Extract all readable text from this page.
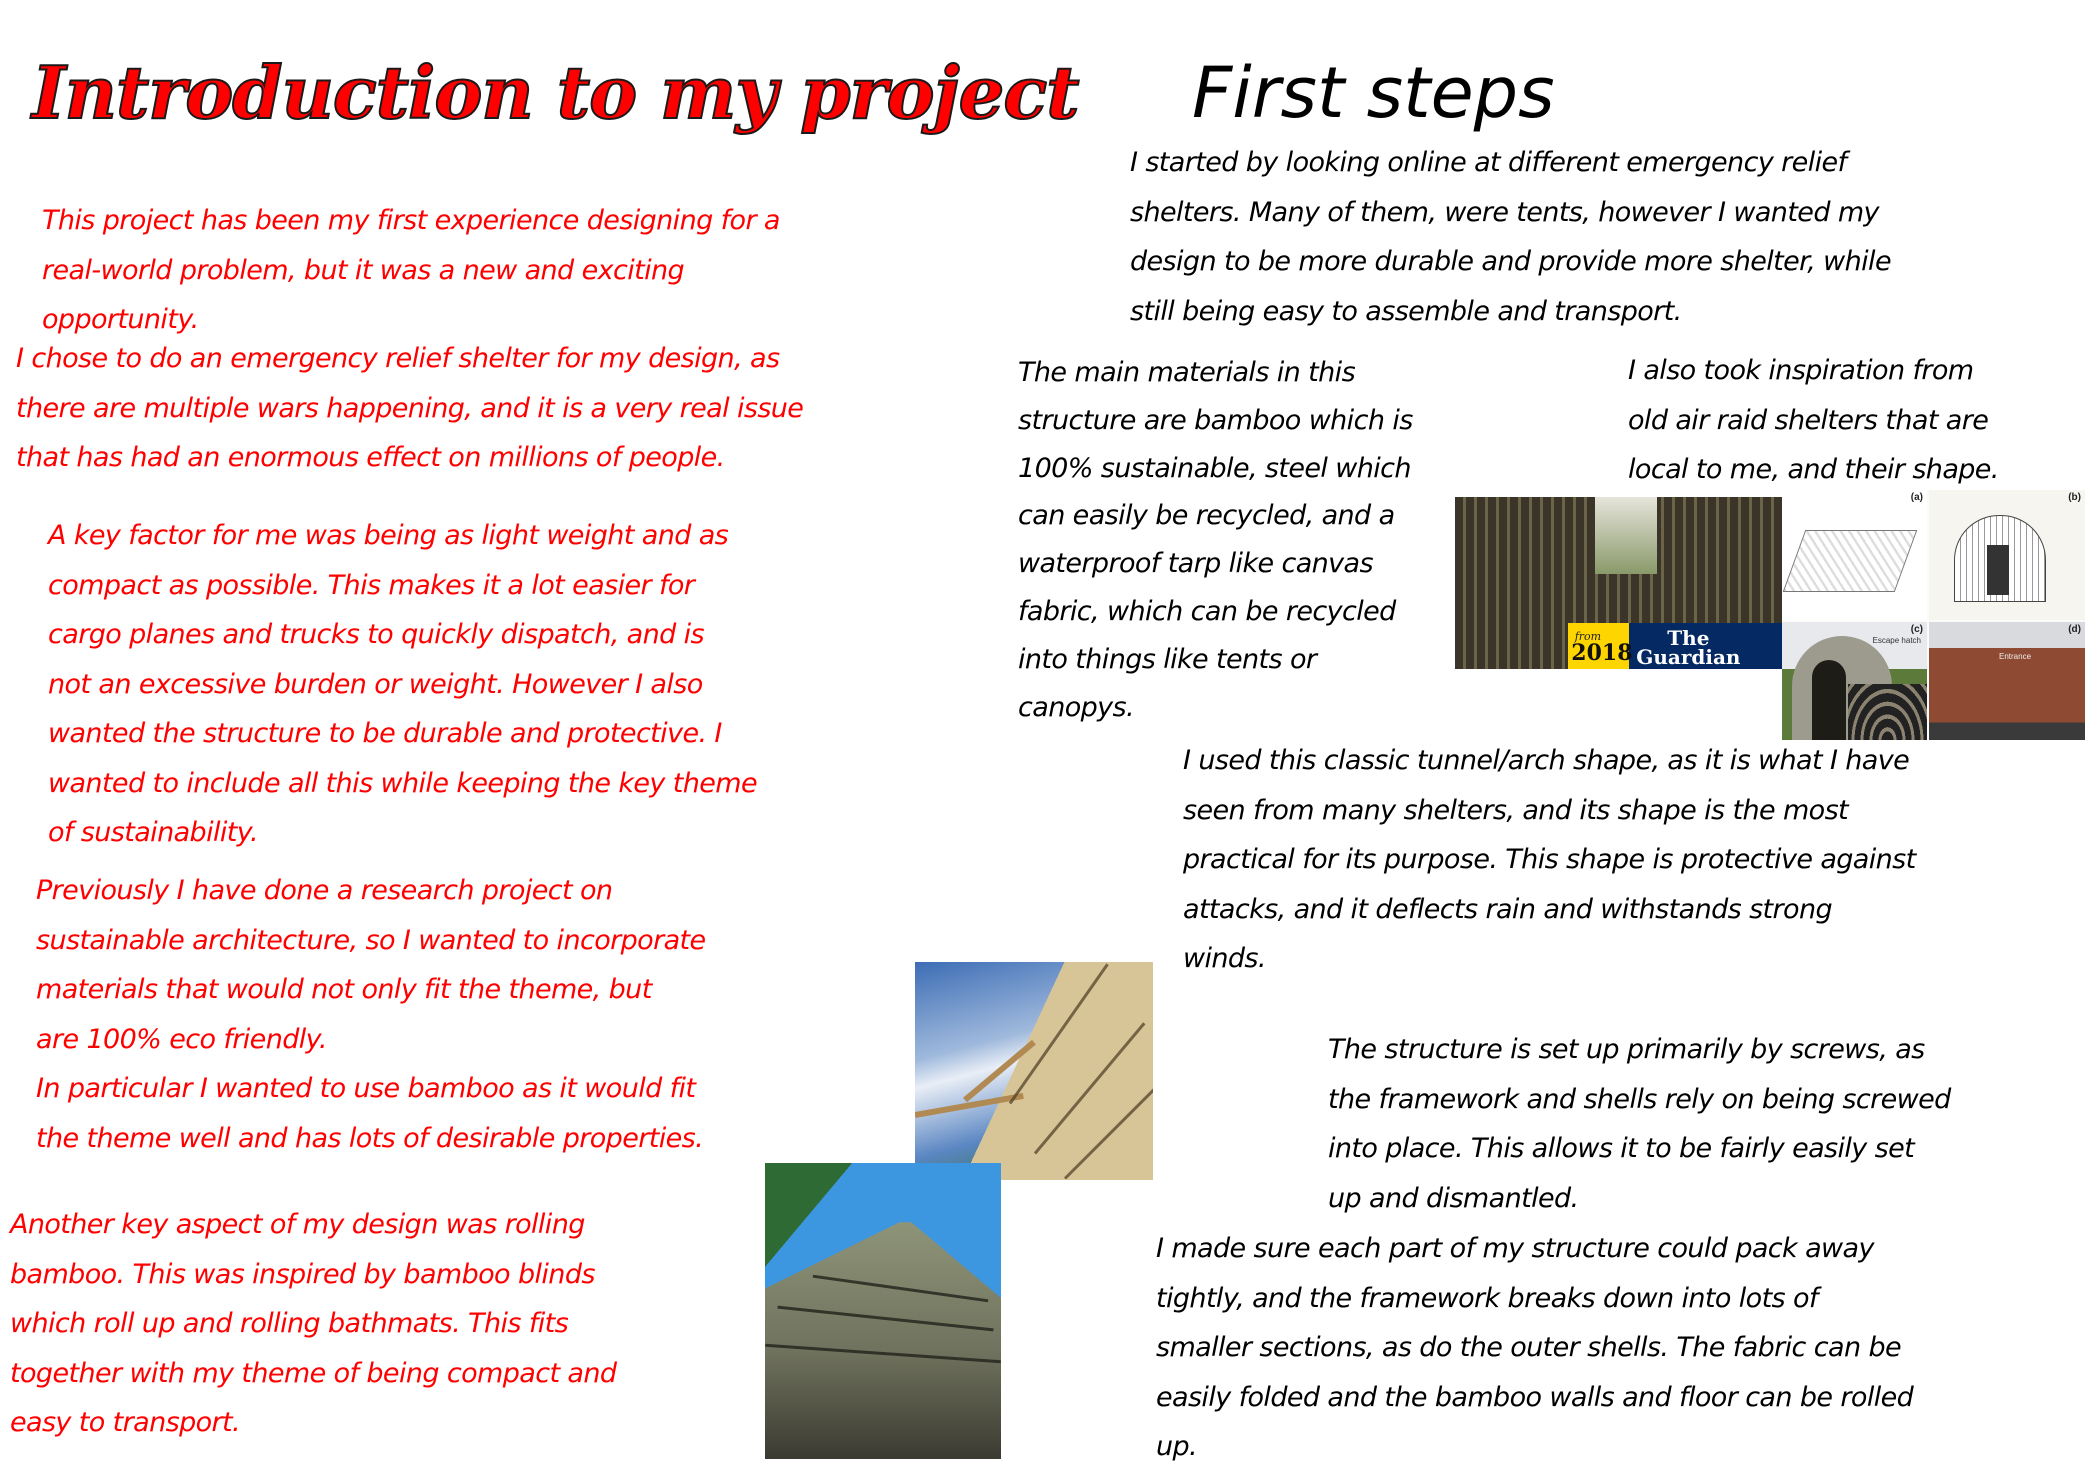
Introduction to my project
This project has been my first experience designing for a
real-world problem, but it was a new and exciting
opportunity.
I chose to do an emergency relief shelter for my design, as
there are multiple wars happening, and it is a very real issue
that has had an enormous effect on millions of people.
A key factor for me was being as light weight and as
compact as possible. This makes it a lot easier for
cargo planes and trucks to quickly dispatch, and is
not an excessive burden or weight. However I also
wanted the structure to be durable and protective. I
wanted to include all this while keeping the key theme
of sustainability.
Previously I have done a research project on
sustainable architecture, so I wanted to incorporate
materials that would not only fit the theme, but
are 100% eco friendly.
In particular I wanted to use bamboo as it would fit
the theme well and has lots of desirable properties.
Another key aspect of my design was rolling
bamboo. This was inspired by bamboo blinds
which roll up and rolling bathmats. This fits
together with my theme of being compact and
easy to transport.
First steps
I started by looking online at different emergency relief
shelters. Many of them, were tents, however I wanted my
design to be more durable and provide more shelter, while
still being easy to assemble and transport.
The main materials in this
structure are bamboo which is
100% sustainable, steel which
can easily be recycled, and a
waterproof tarp like canvas
fabric, which can be recycled
into things like tents or
canopys.
I also took inspiration from
old air raid shelters that are
local to me, and their shape.
from
2018
The
Guardian
(a)	(b)
(c)
Escape hatch
(d)
Entrance
I used this classic tunnel/arch shape, as it is what I have
seen from many shelters, and its shape is the most
practical for its purpose. This shape is protective against
attacks, and it deflects rain and withstands strong
winds.
The structure is set up primarily by screws, as
the framework and shells rely on being screwed
into place. This allows it to be fairly easily set
up and dismantled.
I made sure each part of my structure could pack away
tightly, and the framework breaks down into lots of
smaller sections, as do the outer shells. The fabric can be
easily folded and the bamboo walls and floor can be rolled
up.
